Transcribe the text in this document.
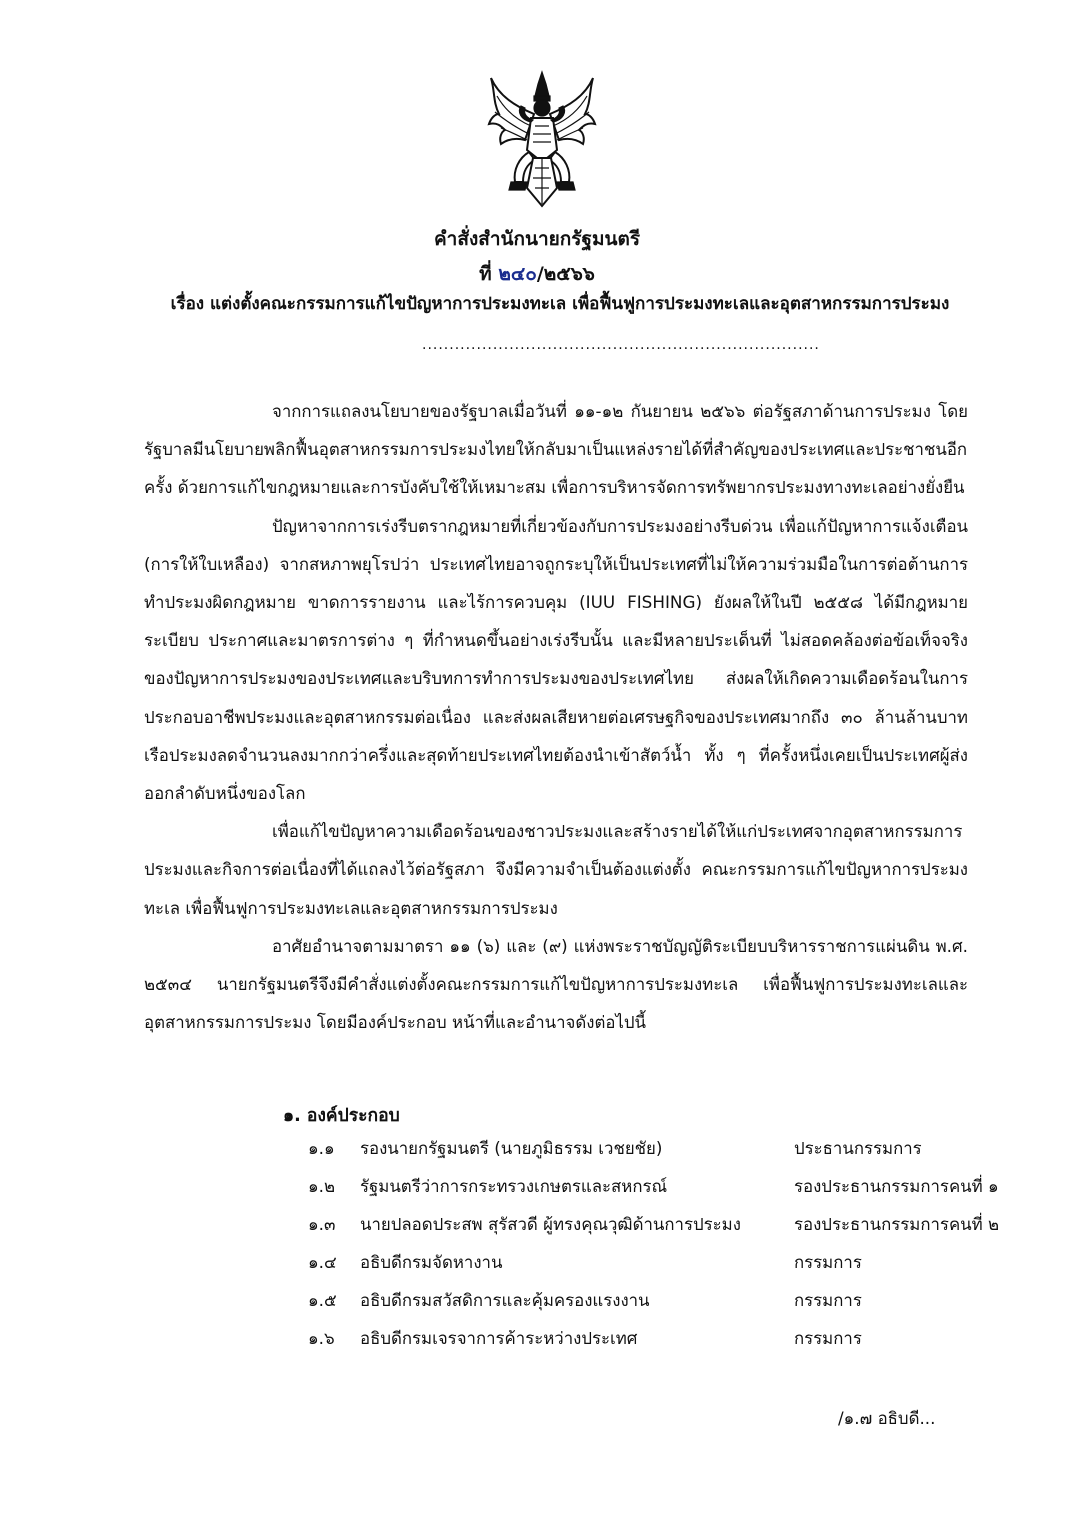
คำสั่งสำนักนายกรัฐมนตรี
ที่ ๒๔๐/๒๕๖๖
เรื่อง แต่งตั้งคณะกรรมการแก้ไขปัญหาการประมงทะเล เพื่อฟื้นฟูการประมงทะเลและอุตสาหกรรมการประมง
.........................................................................

จากการแถลงนโยบายของรัฐบาลเมื่อวันที่ ๑๑-๑๒ กันยายน ๒๕๖๖ ต่อรัฐสภาด้านการประมง โดยรัฐบาลมีนโยบายพลิกฟื้นอุตสาหกรรมการประมงไทยให้กลับมาเป็นแหล่งรายได้ที่สำคัญของประเทศและประชาชนอีกครั้ง ด้วยการแก้ไขกฎหมายและการบังคับใช้ให้เหมาะสม เพื่อการบริหารจัดการทรัพยากรประมงทางทะเลอย่างยั่งยืน

ปัญหาจากการเร่งรีบตรากฎหมายที่เกี่ยวข้องกับการประมงอย่างรีบด่วน เพื่อแก้ปัญหาการแจ้งเตือน (การให้ใบเหลือง) จากสหภาพยุโรปว่า ประเทศไทยอาจถูกระบุให้เป็นประเทศที่ไม่ให้ความร่วมมือในการต่อต้านการทำประมงผิดกฎหมาย ขาดการรายงาน และไร้การควบคุม (IUU FISHING) ยังผลให้ในปี ๒๕๕๘ ได้มีกฎหมาย ระเบียบ ประกาศและมาตรการต่าง ๆ ที่กำหนดขึ้นอย่างเร่งรีบนั้น และมีหลายประเด็นที่ ไม่สอดคล้องต่อข้อเท็จจริงของปัญหาการประมงของประเทศและบริบทการทำการประมงของประเทศไทย ส่งผลให้เกิดความเดือดร้อนในการประกอบอาชีพประมงและอุตสาหกรรมต่อเนื่อง และส่งผลเสียหายต่อเศรษฐกิจของประเทศมากถึง ๓๐ ล้านล้านบาท เรือประมงลดจำนวนลงมากกว่าครึ่งและสุดท้ายประเทศไทยต้องนำเข้าสัตว์น้ำ ทั้ง ๆ ที่ครั้งหนึ่งเคยเป็นประเทศผู้ส่งออกลำดับหนึ่งของโลก

เพื่อแก้ไขปัญหาความเดือดร้อนของชาวประมงและสร้างรายได้ให้แก่ประเทศจากอุตสาหกรรมการประมงและกิจการต่อเนื่องที่ได้แถลงไว้ต่อรัฐสภา จึงมีความจำเป็นต้องแต่งตั้ง คณะกรรมการแก้ไขปัญหาการประมงทะเล เพื่อฟื้นฟูการประมงทะเลและอุตสาหกรรมการประมง

อาศัยอำนาจตามมาตรา ๑๑ (๖) และ (๙) แห่งพระราชบัญญัติระเบียบบริหารราชการแผ่นดิน พ.ศ. ๒๕๓๔ นายกรัฐมนตรีจึงมีคำสั่งแต่งตั้งคณะกรรมการแก้ไขปัญหาการประมงทะเล เพื่อฟื้นฟูการประมงทะเลและอุตสาหกรรมการประมง โดยมีองค์ประกอบ หน้าที่และอำนาจดังต่อไปนี้

๑. องค์ประกอบ
๑.๑	รองนายกรัฐมนตรี (นายภูมิธรรม เวชยชัย)	ประธานกรรมการ
๑.๒	รัฐมนตรีว่าการกระทรวงเกษตรและสหกรณ์	รองประธานกรรมการคนที่ ๑
๑.๓	นายปลอดประสพ สุรัสวดี ผู้ทรงคุณวุฒิด้านการประมง	รองประธานกรรมการคนที่ ๒
๑.๔	อธิบดีกรมจัดหางาน	กรรมการ
๑.๕	อธิบดีกรมสวัสดิการและคุ้มครองแรงงาน	กรรมการ
๑.๖	อธิบดีกรมเจรจาการค้าระหว่างประเทศ	กรรมการ
/๑.๗ อธิบดี...
